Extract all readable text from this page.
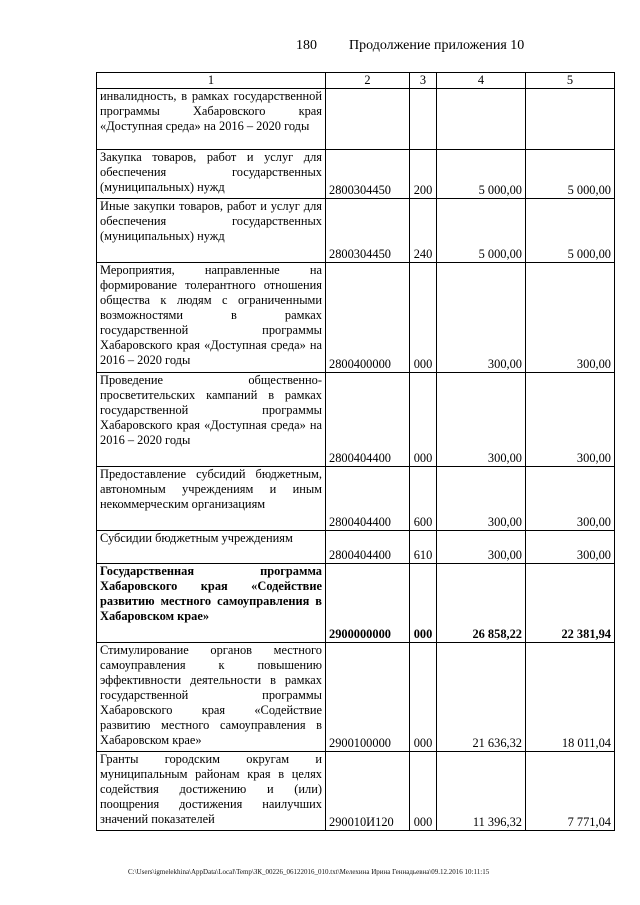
180 Продолжение приложения 10
1	2	3	4	5
инвалидность, в рамках государственной программы Хабаровского края «Доступная среда» на 2016 – 2020 годы				
Закупка товаров, работ и услуг для обеспечения государственных (муниципальных) нужд	2800304450	200	5 000,00	5 000,00
Иные закупки товаров, работ и услуг для обеспечения государственных (муниципальных) нужд	2800304450	240	5 000,00	5 000,00
Мероприятия, направленные на формирование толерантного отношения общества к людям с ограниченными возможностями в рамках государственной программы Хабаровского края «Доступная среда» на 2016 – 2020 годы	2800400000	000	300,00	300,00
Проведение общественно-просветительских кампаний в рамках государственной программы Хабаровского края «Доступная среда» на 2016 – 2020 годы	2800404400	000	300,00	300,00
Предоставление субсидий бюджетным, автономным учреждениям и иным некоммерческим организациям	2800404400	600	300,00	300,00
Субсидии бюджетным учреждениям	2800404400	610	300,00	300,00
Государственная программа Хабаровского края «Содействие развитию местного самоуправления в Хабаровском крае»	2900000000	000	26 858,22	22 381,94
Стимулирование органов местного самоуправления к повышению эффективности деятельности в рамках государственной программы Хабаровского края «Содействие развитию местного самоуправления в Хабаровском крае»	2900100000	000	21 636,32	18 011,04
Гранты городским округам и муниципальным районам края в целях содействия достижению и (или) поощрения достижения наилучших значений показателей	290010И120	000	11 396,32	7 771,04
C:\Users\igmelekhina\AppData\Local\Temp\ЗК_00226_06122016_010.txt\Мелехина Ирина Геннадьевна\09.12.2016 10:11:15
